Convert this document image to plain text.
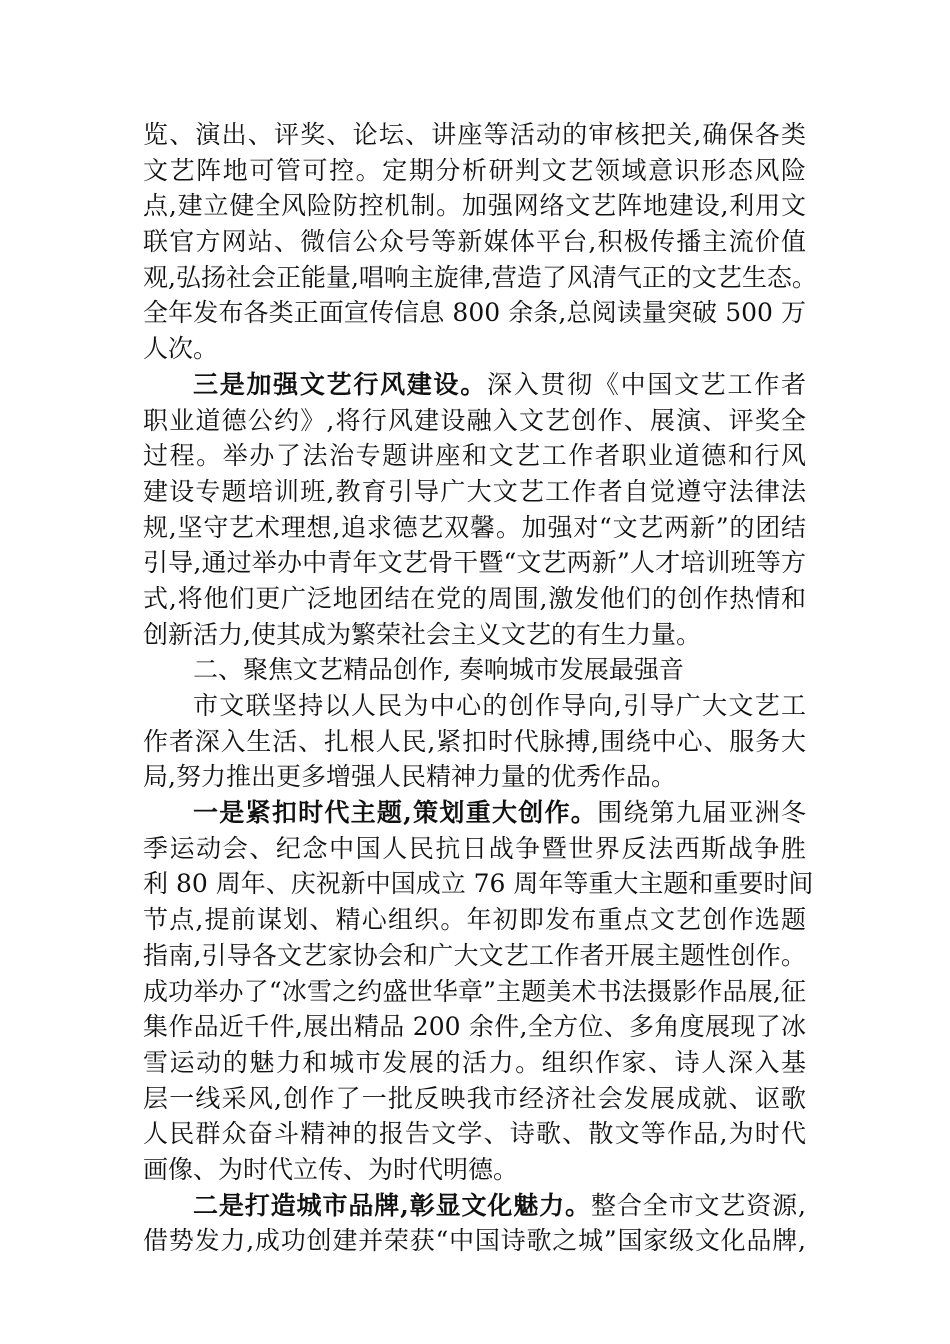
览、演出、评奖、论坛、讲座等活动的审核把关,确保各类
文艺阵地可管可控。定期分析研判文艺领域意识形态风险
点,建立健全风险防控机制。加强网络文艺阵地建设,利用文
联官方网站、微信公众号等新媒体平台,积极传播主流价值
观,弘扬社会正能量,唱响主旋律,营造了风清气正的文艺生态。
全年发布各类正面宣传信息 800 余条,总阅读量突破 500 万
人次。
三是加强文艺行风建设。深入贯彻《中国文艺工作者
职业道德公约》,将行风建设融入文艺创作、展演、评奖全
过程。举办了法治专题讲座和文艺工作者职业道德和行风
建设专题培训班,教育引导广大文艺工作者自觉遵守法律法
规,坚守艺术理想,追求德艺双馨。加强对“文艺两新”的团结
引导,通过举办中青年文艺骨干暨“文艺两新”人才培训班等方
式,将他们更广泛地团结在党的周围,激发他们的创作热情和
创新活力,使其成为繁荣社会主义文艺的有生力量。
二、聚焦文艺精品创作, 奏响城市发展最强音
市文联坚持以人民为中心的创作导向,引导广大文艺工
作者深入生活、扎根人民,紧扣时代脉搏,围绕中心、服务大
局,努力推出更多增强人民精神力量的优秀作品。
一是紧扣时代主题,策划重大创作。围绕第九届亚洲冬
季运动会、纪念中国人民抗日战争暨世界反法西斯战争胜
利 80 周年、庆祝新中国成立 76 周年等重大主题和重要时间
节点,提前谋划、精心组织。年初即发布重点文艺创作选题
指南,引导各文艺家协会和广大文艺工作者开展主题性创作。
成功举办了“冰雪之约盛世华章”主题美术书法摄影作品展,征
集作品近千件,展出精品 200 余件,全方位、多角度展现了冰
雪运动的魅力和城市发展的活力。组织作家、诗人深入基
层一线采风,创作了一批反映我市经济社会发展成就、讴歌
人民群众奋斗精神的报告文学、诗歌、散文等作品,为时代
画像、为时代立传、为时代明德。
二是打造城市品牌,彰显文化魅力。整合全市文艺资源,
借势发力,成功创建并荣获“中国诗歌之城”国家级文化品牌,
